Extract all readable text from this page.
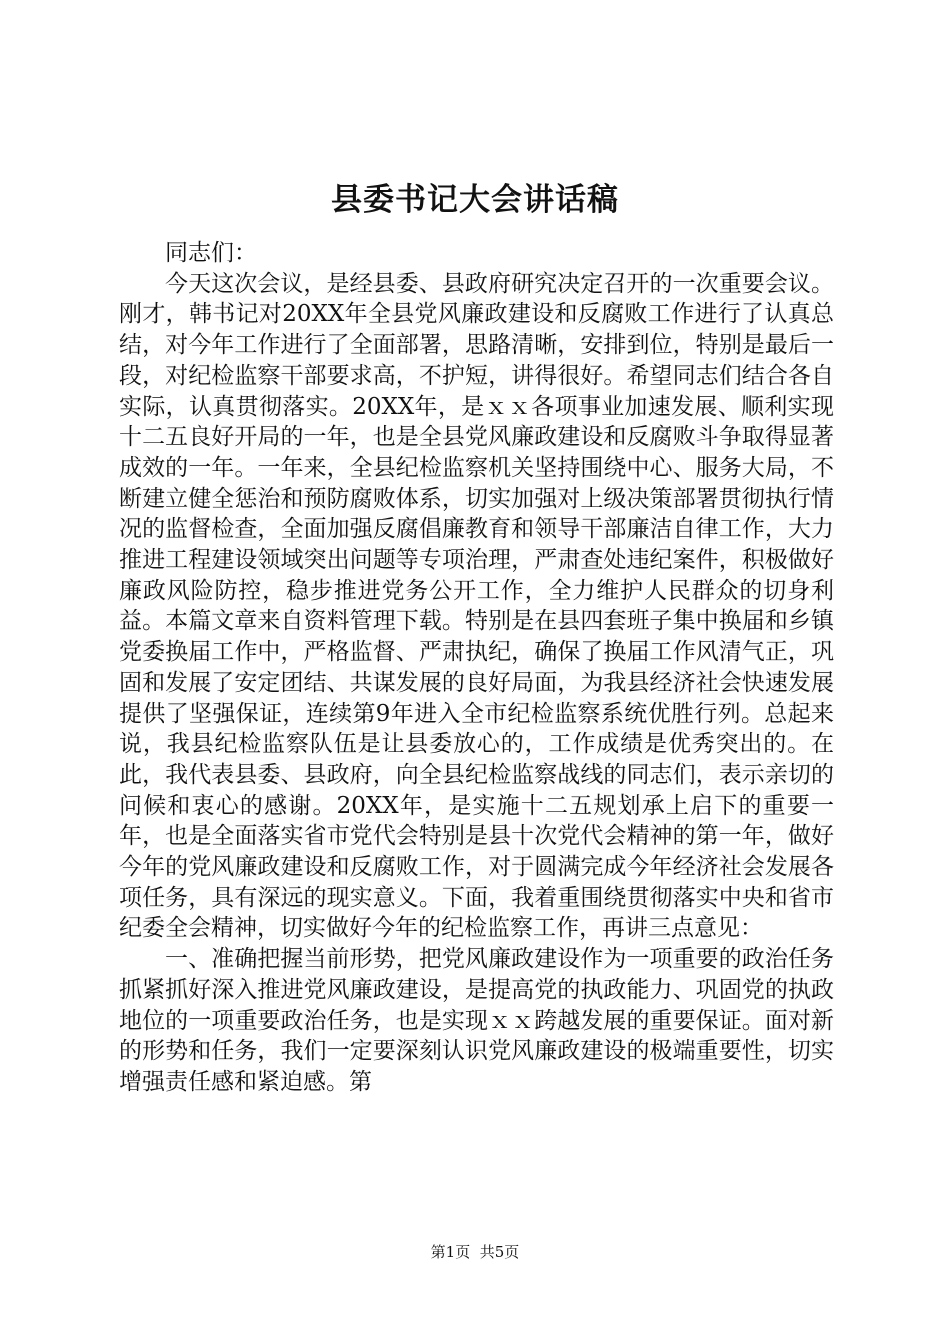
县委书记大会讲话稿

同志们：

今天这次会议，是经县委、县政府研究决定召开的一次重要会议。刚才，韩书记对20XX年全县党风廉政建设和反腐败工作进行了认真总结，对今年工作进行了全面部署，思路清晰，安排到位，特别是最后一段，对纪检监察干部要求高，不护短，讲得很好。希望同志们结合各自实际，认真贯彻落实。20XX年，是ｘｘ各项事业加速发展、顺利实现十二五良好开局的一年，也是全县党风廉政建设和反腐败斗争取得显著成效的一年。一年来，全县纪检监察机关坚持围绕中心、服务大局，不断建立健全惩治和预防腐败体系，切实加强对上级决策部署贯彻执行情况的监督检查，全面加强反腐倡廉教育和领导干部廉洁自律工作，大力推进工程建设领域突出问题等专项治理，严肃查处违纪案件，积极做好廉政风险防控，稳步推进党务公开工作，全力维护人民群众的切身利益。本篇文章来自资料管理下载。特别是在县四套班子集中换届和乡镇党委换届工作中，严格监督、严肃执纪，确保了换届工作风清气正，巩固和发展了安定团结、共谋发展的良好局面，为我县经济社会快速发展提供了坚强保证，连续第9年进入全市纪检监察系统优胜行列。总起来说，我县纪检监察队伍是让县委放心的，工作成绩是优秀突出的。在此，我代表县委、县政府，向全县纪检监察战线的同志们，表示亲切的问候和衷心的感谢。20XX年，是实施十二五规划承上启下的重要一年，也是全面落实省市党代会特别是县十次党代会精神的第一年，做好今年的党风廉政建设和反腐败工作，对于圆满完成今年经济社会发展各项任务，具有深远的现实意义。下面，我着重围绕贯彻落实中央和省市纪委全会精神，切实做好今年的纪检监察工作，再讲三点意见：

一、准确把握当前形势，把党风廉政建设作为一项重要的政治任务抓紧抓好深入推进党风廉政建设，是提高党的执政能力、巩固党的执政地位的一项重要政治任务，也是实现ｘｘ跨越发展的重要保证。面对新的形势和任务，我们一定要深刻认识党风廉政建设的极端重要性，切实增强责任感和紧迫感。第

第1页 共5页
